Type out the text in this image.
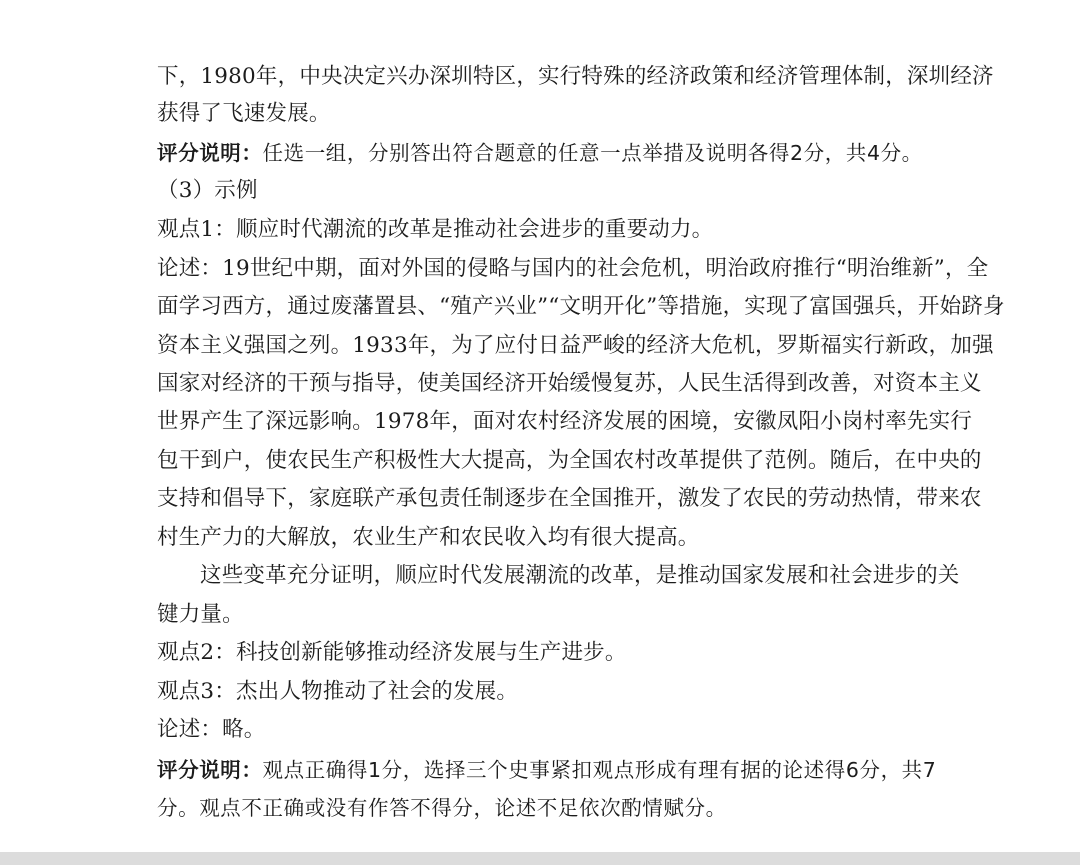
下，1980年，中央决定兴办深圳特区，实行特殊的经济政策和经济管理体制，深圳经济
获得了飞速发展。
评分说明：任选一组，分别答出符合题意的任意一点举措及说明各得2分，共4分。
（3）示例
观点1：顺应时代潮流的改革是推动社会进步的重要动力。
论述：19世纪中期，面对外国的侵略与国内的社会危机，明治政府推行“明治维新”，全
面学习西方，通过废藩置县、“殖产兴业”“文明开化”等措施，实现了富国强兵，开始跻身
资本主义强国之列。1933年，为了应付日益严峻的经济大危机，罗斯福实行新政，加强
国家对经济的干预与指导，使美国经济开始缓慢复苏，人民生活得到改善，对资本主义
世界产生了深远影响。1978年，面对农村经济发展的困境，安徽凤阳小岗村率先实行
包干到户，使农民生产积极性大大提高，为全国农村改革提供了范例。随后，在中央的
支持和倡导下，家庭联产承包责任制逐步在全国推开，激发了农民的劳动热情，带来农
村生产力的大解放，农业生产和农民收入均有很大提高。
这些变革充分证明，顺应时代发展潮流的改革，是推动国家发展和社会进步的关
键力量。
观点2：科技创新能够推动经济发展与生产进步。
观点3：杰出人物推动了社会的发展。
论述：略。
评分说明：观点正确得1分，选择三个史事紧扣观点形成有理有据的论述得6分，共7
分。观点不正确或没有作答不得分，论述不足依次酌情赋分。
